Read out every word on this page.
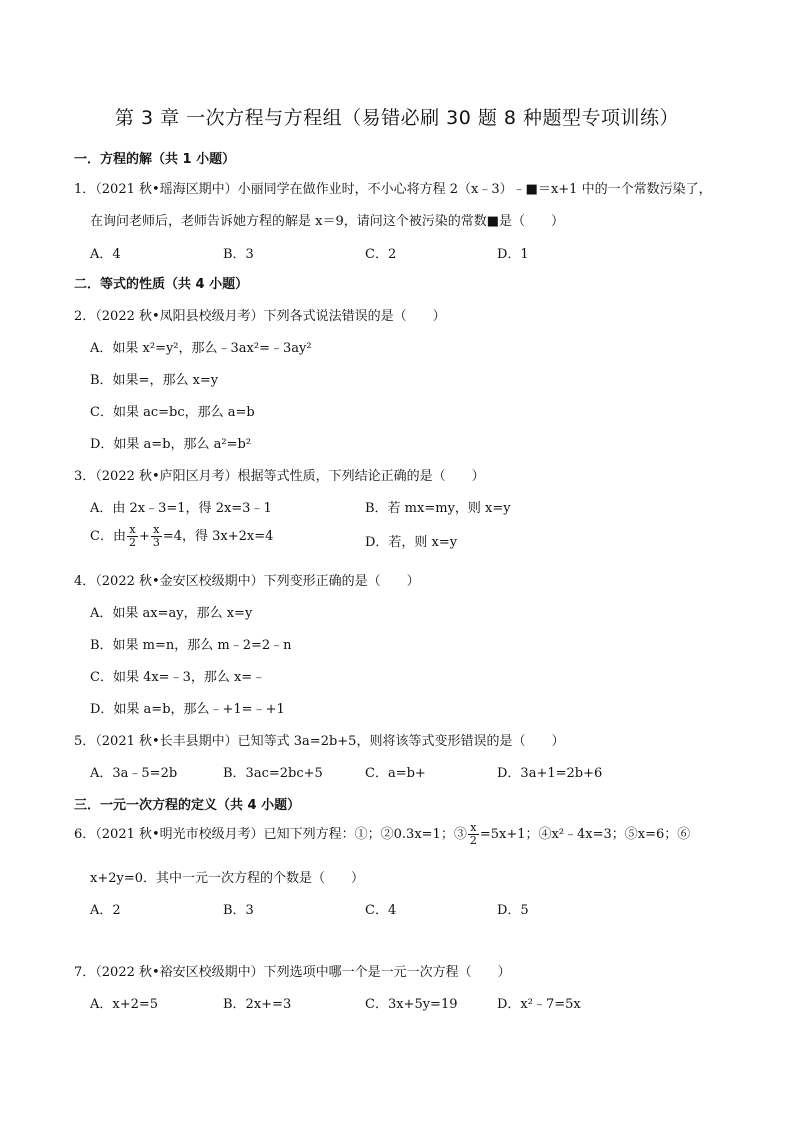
第 3 章 一次方程与方程组（易错必刷 30 题 8 种题型专项训练）
一．方程的解（共 1 小题）
1．（2021 秋•瑶海区期中）小丽同学在做作业时，不小心将方程 2（x﹣3）﹣■＝x+1 中的一个常数污染了，
在询问老师后，老师告诉她方程的解是 x＝9，请问这个被污染的常数■是（　　）
A．4	B．3	C．2	D．1
二．等式的性质（共 4 小题）
2．（2022 秋•凤阳县校级月考）下列各式说法错误的是（　　）
A．如果 x²=y²，那么﹣3ax²=﹣3ay²
B．如果=，那么 x=y
C．如果 ac=bc，那么 a=b
D．如果 a=b，那么 a²=b²
3．（2022 秋•庐阳区月考）根据等式性质，下列结论正确的是（　　）
A．由 2x﹣3=1，得 2x=3﹣1	B．若 mx=my，则 x=y
C．由 $\frac{x}{2} + \frac{x}{3} =4$，得 3x+2x=4	D．若，则 x=y
4．（2022 秋•金安区校级期中）下列变形正确的是（　　）
A．如果 ax=ay，那么 x=y
B．如果 m=n，那么 m﹣2=2﹣n
C．如果 4x=﹣3，那么 x=﹣
D．如果 a=b，那么﹣+1=﹣+1
5．（2021 秋•长丰县期中）已知等式 3a=2b+5，则将该等式变形错误的是（　　）
A．3a﹣5=2b	B．3ac=2bc+5	C．a=b+	D．3a+1=2b+6
三．一元一次方程的定义（共 4 小题）
6．（2021 秋•明光市校级月考）已知下列方程：①；②0.3x=1；③ $\frac{x}{2} =5x+1$；④x²﹣4x=3；⑤x=6；⑥
x+2y=0．其中一元一次方程的个数是（　　）
A．2	B．3	C．4	D．5
7．（2022 秋•裕安区校级期中）下列选项中哪一个是一元一次方程（　　）
A．x+2=5	B．2x+=3	C．3x+5y=19	D．x²﹣7=5x
